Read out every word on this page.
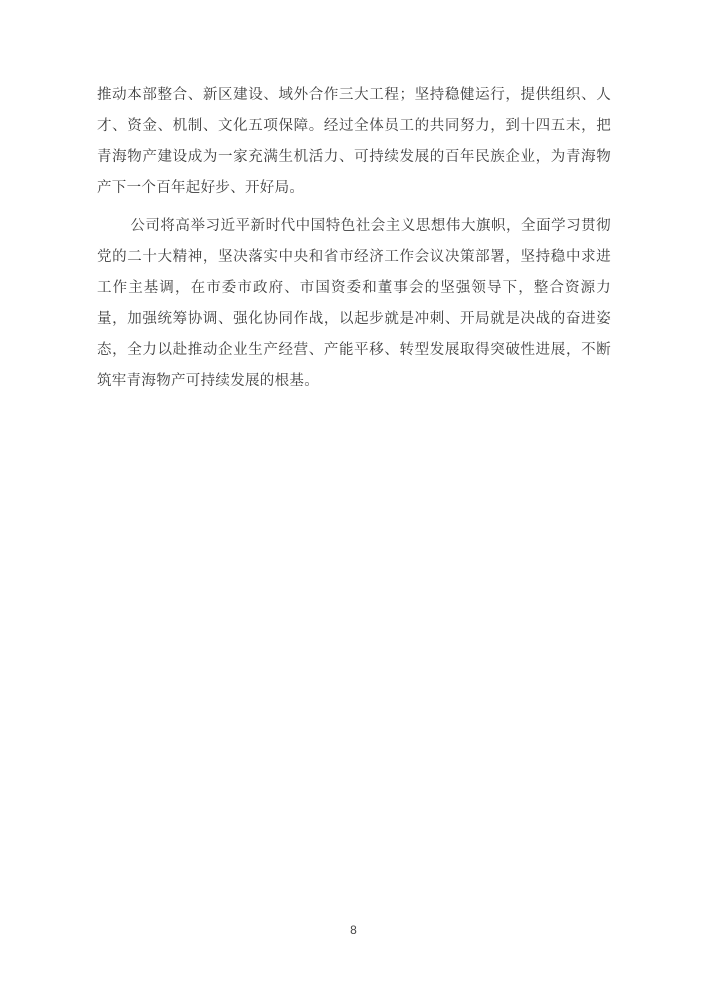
推动本部整合、新区建设、域外合作三大工程；坚持稳健运行，提供组织、人才、资金、机制、文化五项保障。经过全体员工的共同努力，到十四五末，把青海物产建设成为一家充满生机活力、可持续发展的百年民族企业，为青海物产下一个百年起好步、开好局。

公司将高举习近平新时代中国特色社会主义思想伟大旗帜，全面学习贯彻党的二十大精神，坚决落实中央和省市经济工作会议决策部署，坚持稳中求进工作主基调，在市委市政府、市国资委和董事会的坚强领导下，整合资源力量，加强统筹协调、强化协同作战，以起步就是冲刺、开局就是决战的奋进姿态，全力以赴推动企业生产经营、产能平移、转型发展取得突破性进展，不断筑牢青海物产可持续发展的根基。

8
